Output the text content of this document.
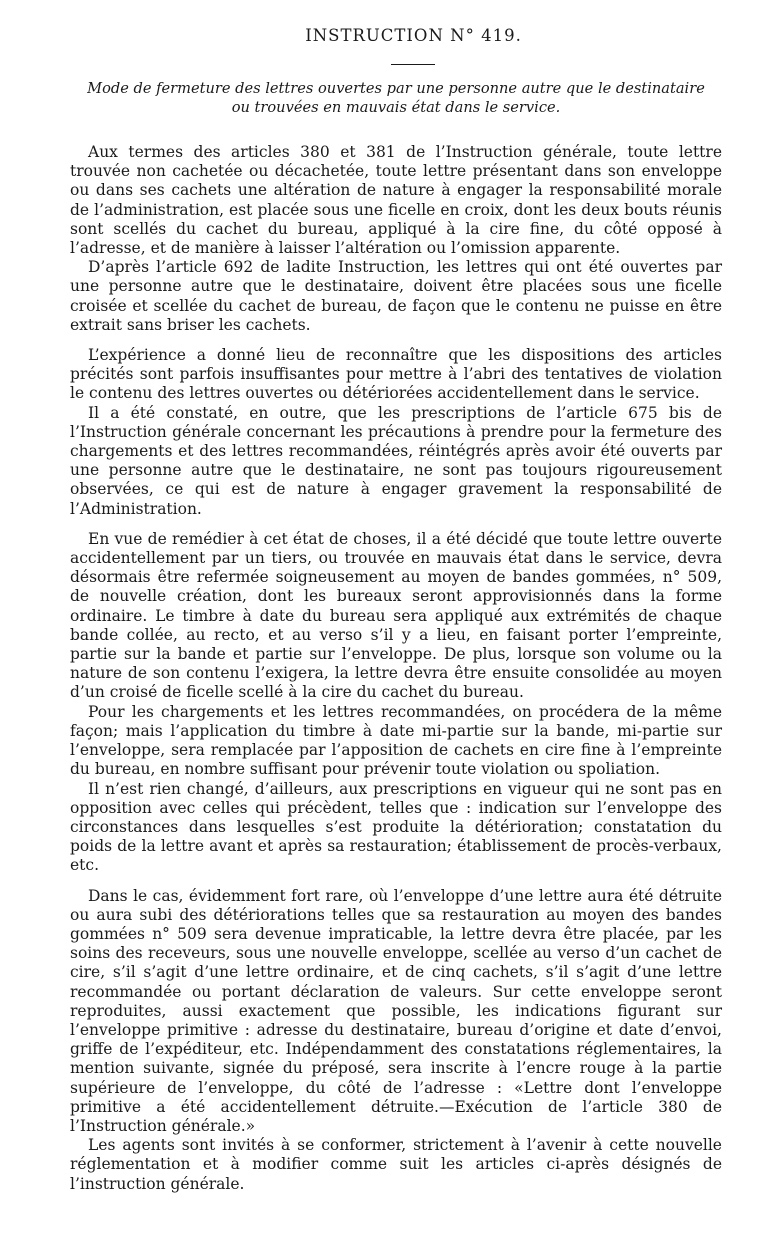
INSTRUCTION N° 419.
Mode de fermeture des lettres ouvertes par une personne autre que le destinataire
ou trouvées en mauvais état dans le service.

Aux termes des articles 380 et 381 de l’Instruction générale, toute lettre trouvée non cachetée ou décachetée, toute lettre présentant dans son enveloppe ou dans ses cachets une altération de nature à engager la responsabilité morale de l’administration, est placée sous une ficelle en croix, dont les deux bouts réunis sont scellés du cachet du bureau, appliqué à la cire fine, du côté opposé à l’adresse, et de manière à laisser l’altération ou l’omission apparente.

D’après l’article 692 de ladite Instruction, les lettres qui ont été ouvertes par une personne autre que le destinataire, doivent être placées sous une ficelle croisée et scellée du cachet de bureau, de façon que le contenu ne puisse en être extrait sans briser les cachets.

L’expérience a donné lieu de reconnaître que les dispositions des articles précités sont parfois insuffisantes pour mettre à l’abri des tentatives de violation le contenu des lettres ouvertes ou détériorées accidentellement dans le service.

Il a été constaté, en outre, que les prescriptions de l’article 675 bis de l’Instruction générale concernant les précautions à prendre pour la fermeture des chargements et des lettres recommandées, réintégrés après avoir été ouverts par une personne autre que le destinataire, ne sont pas toujours rigoureusement observées, ce qui est de nature à engager gravement la responsabilité de l’Administration.

En vue de remédier à cet état de choses, il a été décidé que toute lettre ouverte accidentellement par un tiers, ou trouvée en mauvais état dans le service, devra désormais être refermée soigneusement au moyen de bandes gommées, n° 509, de nouvelle création, dont les bureaux seront approvisionnés dans la forme ordinaire. Le timbre à date du bureau sera appliqué aux extrémités de chaque bande collée, au recto, et au verso s’il y a lieu, en faisant porter l’empreinte, partie sur la bande et partie sur l’enveloppe. De plus, lorsque son volume ou la nature de son contenu l’exigera, la lettre devra être ensuite consolidée au moyen d’un croisé de ficelle scellé à la cire du cachet du bureau.

Pour les chargements et les lettres recommandées, on procédera de la même façon; mais l’application du timbre à date mi-partie sur la bande, mi-partie sur l’enveloppe, sera remplacée par l’apposition de cachets en cire fine à l’empreinte du bureau, en nombre suffisant pour prévenir toute violation ou spoliation.

Il n’est rien changé, d’ailleurs, aux prescriptions en vigueur qui ne sont pas en opposition avec celles qui précèdent, telles que : indication sur l’enveloppe des circonstances dans lesquelles s’est produite la détérioration; constatation du poids de la lettre avant et après sa restauration; établissement de procès-verbaux, etc.

Dans le cas, évidemment fort rare, où l’enveloppe d’une lettre aura été détruite ou aura subi des détériorations telles que sa restauration au moyen des bandes gommées n° 509 sera devenue impraticable, la lettre devra être placée, par les soins des receveurs, sous une nouvelle enveloppe, scellée au verso d’un cachet de cire, s’il s’agit d’une lettre ordinaire, et de cinq cachets, s’il s’agit d’une lettre recommandée ou portant déclaration de valeurs. Sur cette enveloppe seront reproduites, aussi exactement que possible, les indications figurant sur l’enveloppe primitive : adresse du destinataire, bureau d’origine et date d’envoi, griffe de l’expéditeur, etc. Indépendamment des constatations réglementaires, la mention suivante, signée du préposé, sera inscrite à l’encre rouge à la partie supérieure de l’enveloppe, du côté de l’adresse : «Lettre dont l’enveloppe primitive a été accidentellement détruite.—Exécution de l’article 380 de l’Instruction générale.»

Les agents sont invités à se conformer, strictement à l’avenir à cette nouvelle réglementation et à modifier comme suit les articles ci-après désignés de l’instruction générale.
